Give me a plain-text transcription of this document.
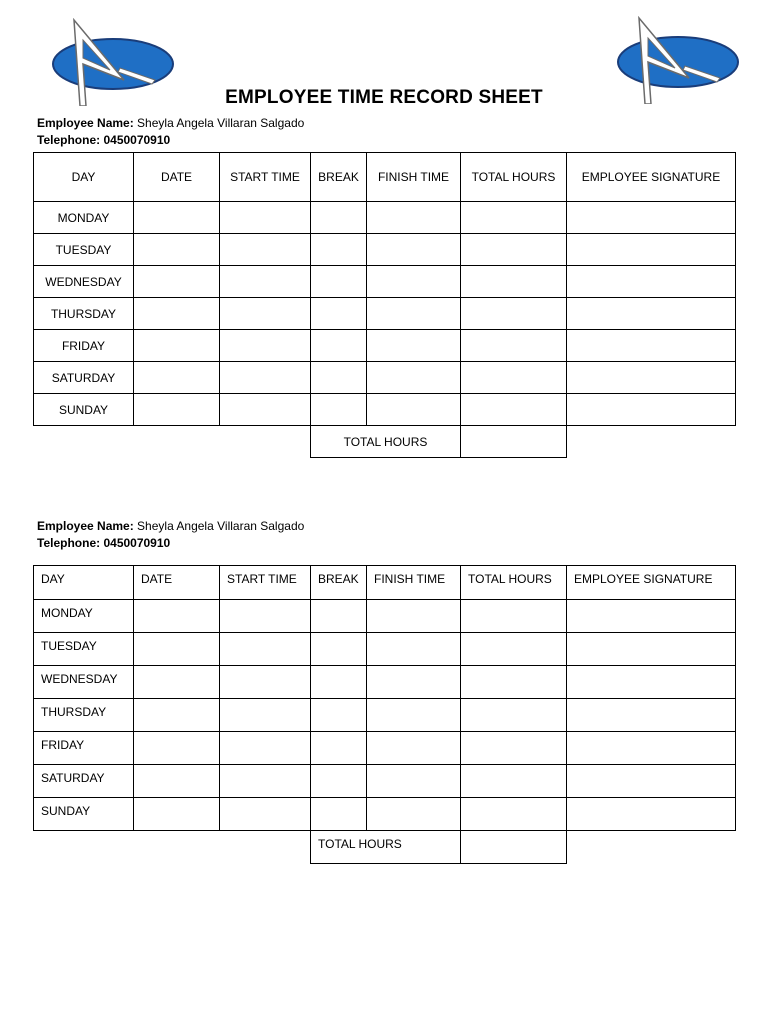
EMPLOYEE TIME RECORD SHEET
Employee Name: Sheyla Angela Villaran Salgado
Telephone: 0450070910
DAY	DATE	START TIME	BREAK	FINISH TIME	TOTAL HOURS	EMPLOYEE SIGNATURE
MONDAY						
TUESDAY						
WEDNESDAY						
THURSDAY						
FRIDAY						
SATURDAY						
SUNDAY						
			TOTAL HOURS			
Employee Name: Sheyla Angela Villaran Salgado
Telephone: 0450070910
DAY	DATE	START TIME	BREAK	FINISH TIME	TOTAL HOURS	EMPLOYEE SIGNATURE
MONDAY						
TUESDAY						
WEDNESDAY						
THURSDAY						
FRIDAY						
SATURDAY						
SUNDAY						
			TOTAL HOURS			
